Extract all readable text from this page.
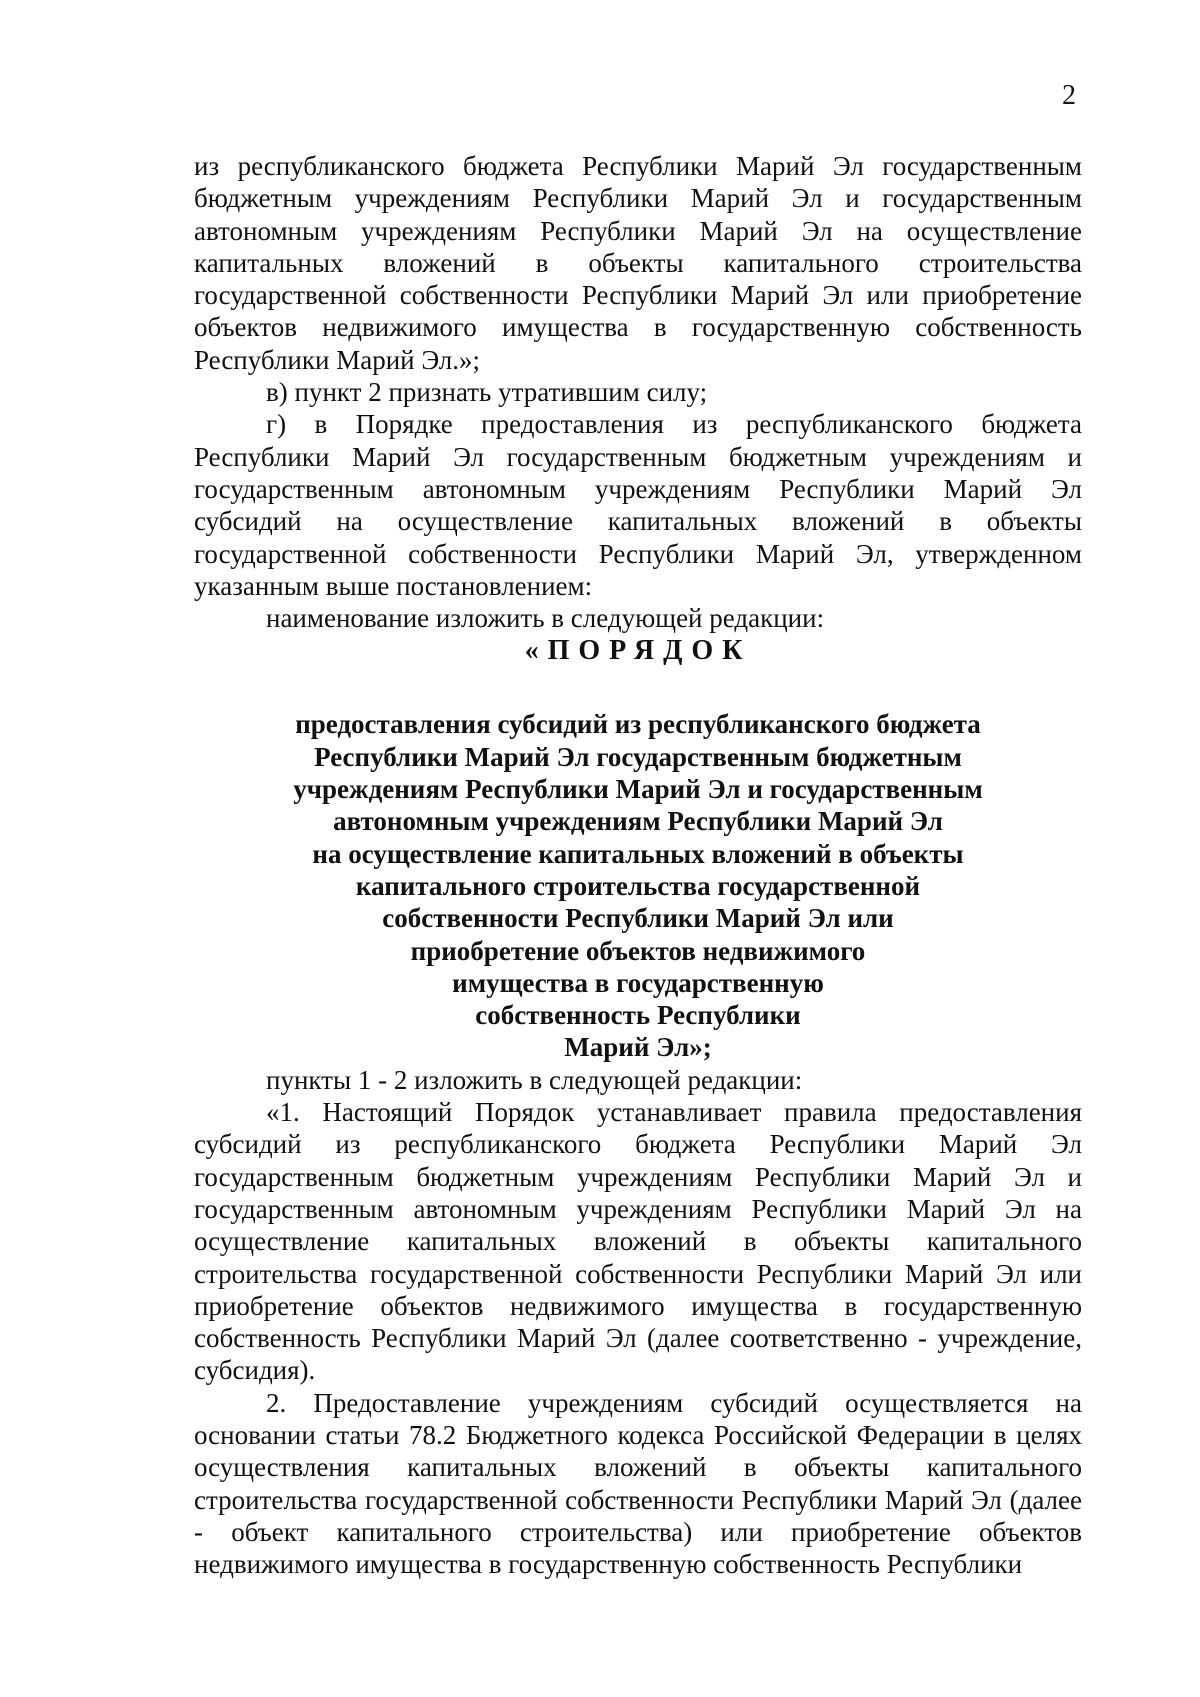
2

из республиканского бюджета Республики Марий Эл государственным бюджетным учреждениям Республики Марий Эл и государственным автономным учреждениям Республики Марий Эл на осуществление капитальных вложений в объекты капитального строительства государственной собственности Республики Марий Эл или приобретение объектов недвижимого имущества в государственную собственность Республики Марий Эл.»;

в) пункт 2 признать утратившим силу;

г) в Порядке предоставления из республиканского бюджета Республики Марий Эл государственным бюджетным учреждениям и государственным автономным учреждениям Республики Марий Эл субсидий на осуществление капитальных вложений в объекты государственной собственности Республики Марий Эл, утвержденном указанным выше постановлением:

наименование изложить в следующей редакции:

«ПОРЯДОК

предоставления субсидий из республиканского бюджета
Республики Марий Эл государственным бюджетным
учреждениям Республики Марий Эл и государственным
автономным учреждениям Республики Марий Эл
на осуществление капитальных вложений в объекты
капитального строительства государственной
собственности Республики Марий Эл или
приобретение объектов недвижимого
имущества в государственную
собственность Республики
Марий Эл»;

пункты 1 - 2 изложить в следующей редакции:

«1. Настоящий Порядок устанавливает правила предоставления субсидий из республиканского бюджета Республики Марий Эл государственным бюджетным учреждениям Республики Марий Эл и государственным автономным учреждениям Республики Марий Эл на осуществление капитальных вложений в объекты капитального строительства государственной собственности Республики Марий Эл или приобретение объектов недвижимого имущества в государственную собственность Республики Марий Эл (далее соответственно - учреждение, субсидия).

2. Предоставление учреждениям субсидий осуществляется на основании статьи 78.2 Бюджетного кодекса Российской Федерации в целях осуществления капитальных вложений в объекты капитального строительства государственной собственности Республики Марий Эл (далее - объект капитального строительства) или приобретение объектов недвижимого имущества в государственную собственность Республики
